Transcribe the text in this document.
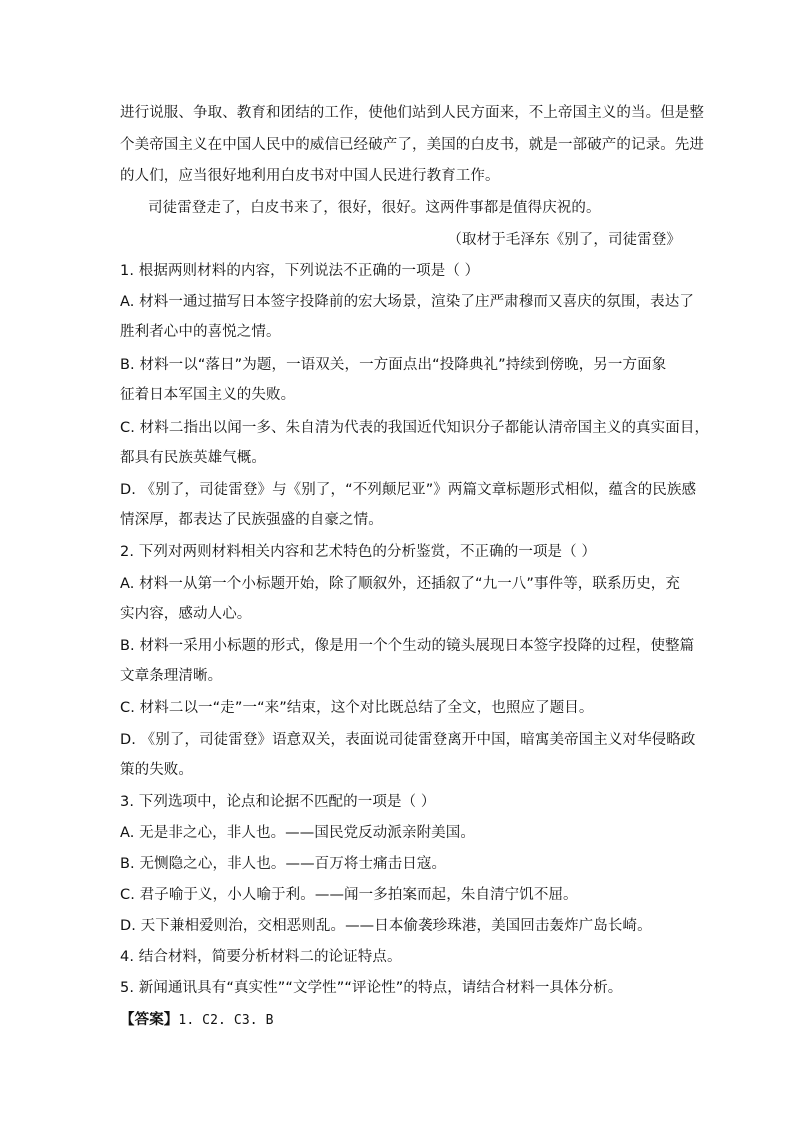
进行说服、争取、教育和团结的工作，使他们站到人民方面来，不上帝国主义的当。但是整
个美帝国主义在中国人民中的威信已经破产了，美国的白皮书，就是一部破产的记录。先进
的人们，应当很好地利用白皮书对中国人民进行教育工作。
司徒雷登走了，白皮书来了，很好，很好。这两件事都是值得庆祝的。
（取材于毛泽东《别了，司徒雷登》
1. 根据两则材料的内容，下列说法不正确的一项是（ ）
A. 材料一通过描写日本签字投降前的宏大场景，渲染了庄严肃穆而又喜庆的氛围，表达了
胜利者心中的喜悦之情。
B. 材料一以“落日”为题，一语双关，一方面点出“投降典礼”持续到傍晚，另一方面象
征着日本军国主义的失败。
C. 材料二指出以闻一多、朱自清为代表的我国近代知识分子都能认清帝国主义的真实面目，
都具有民族英雄气概。
D. 《别了，司徒雷登》与《别了，“不列颠尼亚”》两篇文章标题形式相似，蕴含的民族感
情深厚，都表达了民族强盛的自豪之情。
2. 下列对两则材料相关内容和艺术特色的分析鉴赏，不正确的一项是（ ）
A. 材料一从第一个小标题开始，除了顺叙外，还插叙了“九一八”事件等，联系历史，充
实内容，感动人心。
B. 材料一采用小标题的形式，像是用一个个生动的镜头展现日本签字投降的过程，使整篇
文章条理清晰。
C. 材料二以一“走”一“来”结束，这个对比既总结了全文，也照应了题目。
D. 《别了，司徒雷登》语意双关，表面说司徒雷登离开中国，暗寓美帝国主义对华侵略政
策的失败。
3. 下列选项中，论点和论据不匹配的一项是（ ）
A. 无是非之心，非人也。——国民党反动派亲附美国。
B. 无恻隐之心，非人也。——百万将士痛击日寇。
C. 君子喻于义，小人喻于利。——闻一多拍案而起，朱自清宁饥不屈。
D. 天下兼相爱则治，交相恶则乱。——日本偷袭珍珠港，美国回击轰炸广岛长崎。
4. 结合材料，简要分析材料二的论证特点。
5. 新闻通讯具有“真实性”“文学性”“评论性”的特点，请结合材料一具体分析。
【答案】1. C2. C3. B
